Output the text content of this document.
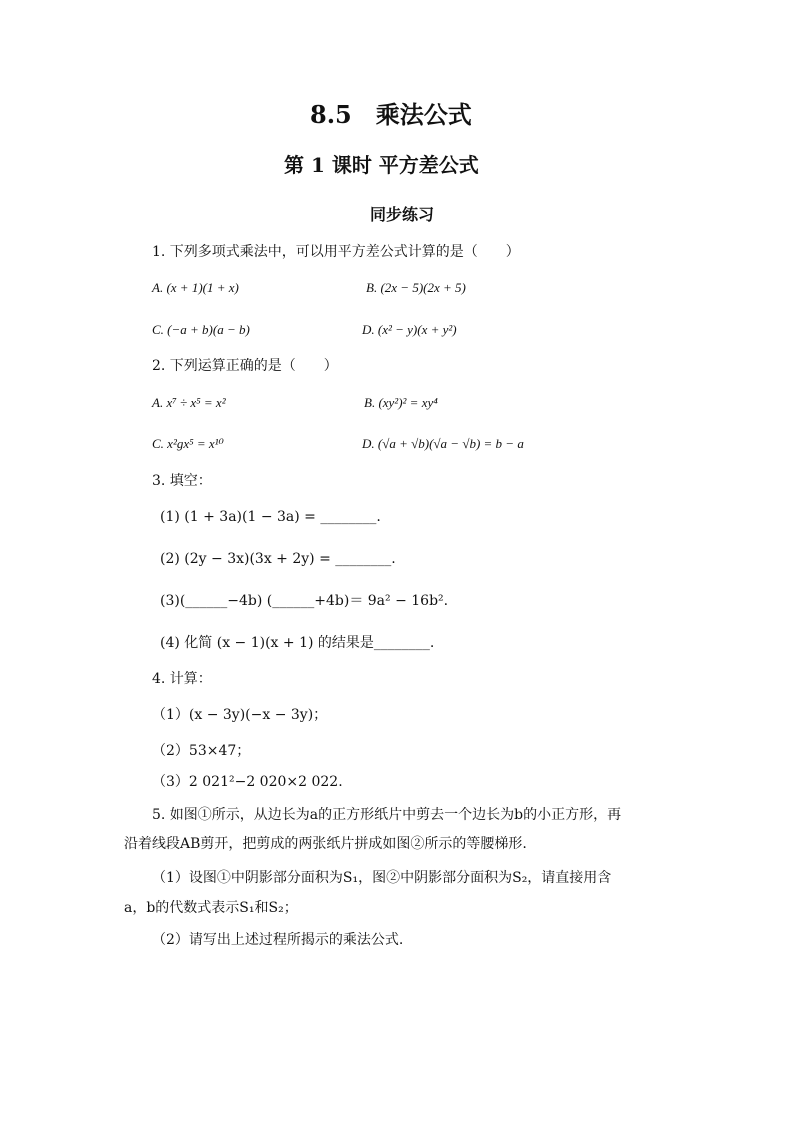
8.5　乘法公式
第 1 课时 平方差公式
同步练习
1. 下列多项式乘法中，可以用平方差公式计算的是（　　）
A. (x + 1)(1 + x)	B. (2x − 5)(2x + 5)
C. (−a + b)(a − b)	D. (x² − y)(x + y²)
2. 下列运算正确的是（　　）
A. x⁷ ÷ x⁵ = x²	B. (xy²)² = xy⁴
C. x²gx⁵ = x¹⁰	D. (√a + √b)(√a − √b) = b − a
3. 填空：
(1) (1 + 3a)(1 − 3a) = ________.
(2) (2y − 3x)(3x + 2y) = ________.
(3)(______−4b) (______+4b)＝ 9a² − 16b².
(4) 化简 (x − 1)(x + 1) 的结果是________.
4. 计算：
（1）(x − 3y)(−x − 3y)；
（2）53×47；
（3）2 021²−2 020×2 022.
5. 如图①所示，从边长为a的正方形纸片中剪去一个边长为b的小正方形，再
沿着线段AB剪开，把剪成的两张纸片拼成如图②所示的等腰梯形.
（1）设图①中阴影部分面积为S₁，图②中阴影部分面积为S₂，请直接用含
a，b的代数式表示S₁和S₂；
（2）请写出上述过程所揭示的乘法公式.
